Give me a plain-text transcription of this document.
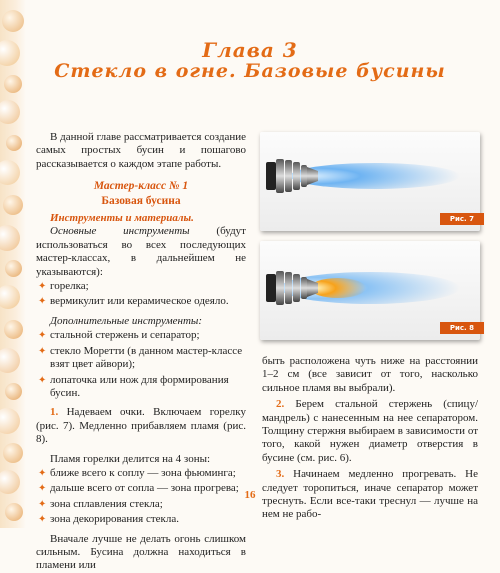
Глава 3
Стекло в огне. Базовые бусины

В данной главе рассматривается создание самых простых бусин и пошагово рассказывается о каждом этапе работы.

Мастер-класс № 1
Базовая бусина

Инструменты и материалы.

Основные инструменты (будут использоваться во всех последующих мастер-классах, в дальнейшем не указываются):

✦ горелка;
✦ вермикулит или керамическое одеяло.

Дополнительные инструменты:

✦ стальной стержень и сепаратор;
✦ стекло Моретти (в данном мастер-классе взят цвет айвори);
✦ лопаточка или нож для формирования бусин.

1. Надеваем очки. Включаем горелку (рис. 7). Медленно прибавляем пламя (рис. 8).

Пламя горелки делится на 4 зоны:

✦ ближе всего к соплу — зона фьюминга;
✦ дальше всего от сопла — зона прогрева;
✦ зона сплавления стекла;
✦ зона декорирования стекла.

Вначале лучше не делать огонь слишком сильным. Бусина должна находиться в пламени или

Рис. 7
Рис. 8

быть расположена чуть ниже на расстоянии 1–2 см (все зависит от того, насколько сильное пламя вы выбрали).

2. Берем стальной стержень (спицу/мандрель) с нанесенным на нее сепаратором. Толщину стержня выбираем в зависимости от того, какой нужен диаметр отверстия в бусине (см. рис. 6).

3. Начинаем медленно прогревать. Не следует торопиться, иначе сепаратор может треснуть. Если все-таки треснул — лучше на нем не рабо-

16
